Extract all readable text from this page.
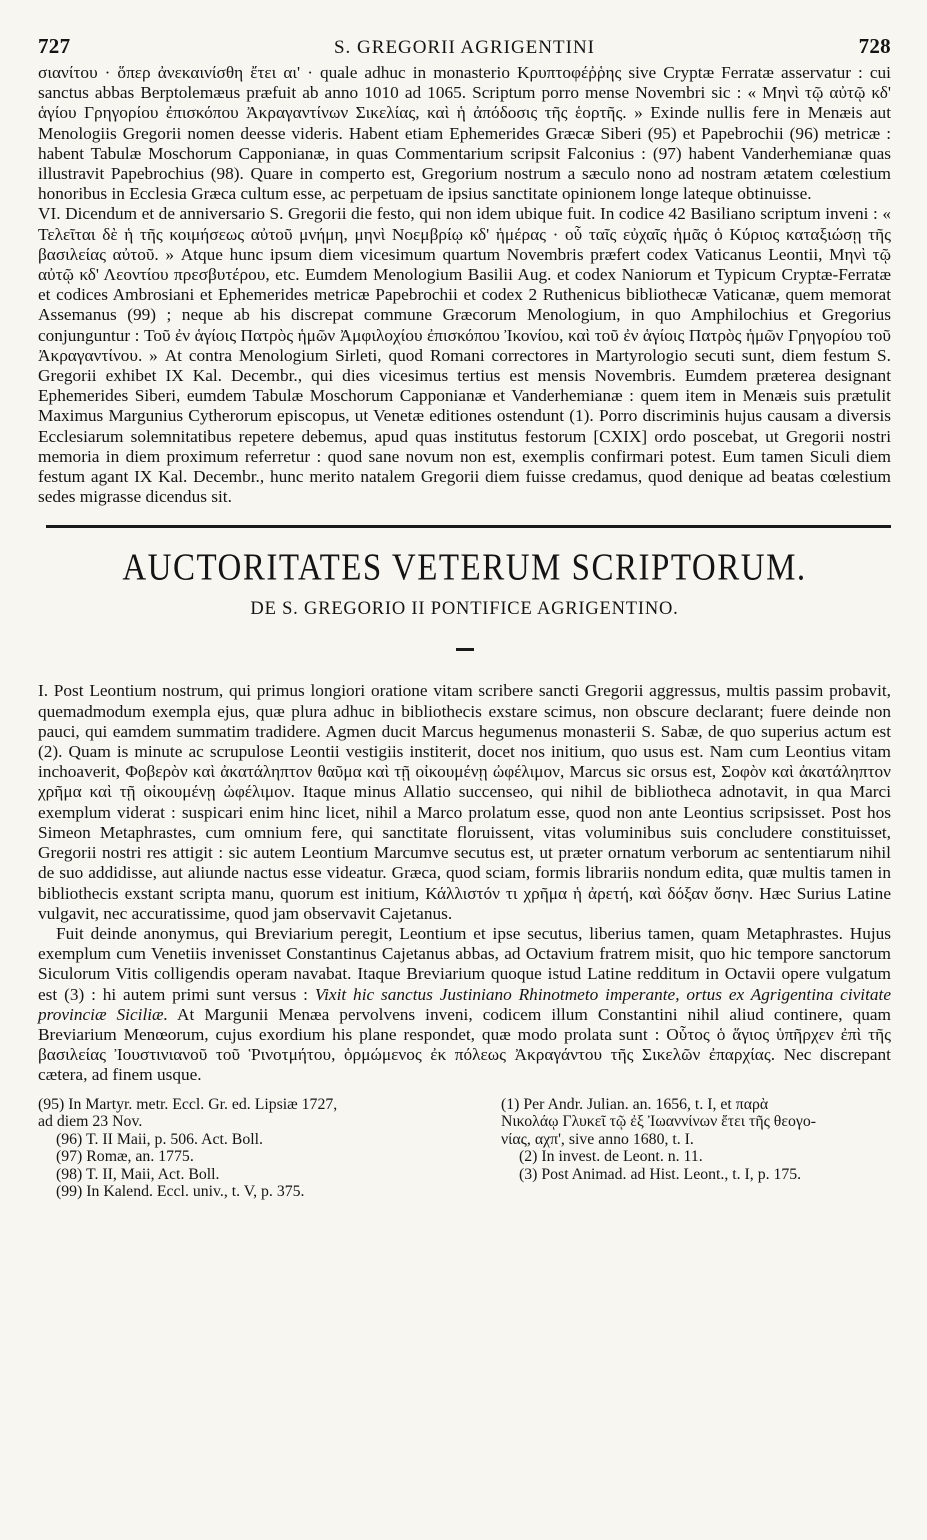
727	S. GREGORII AGRIGENTINI	728

σιανίτου · ὅπερ ἀνεκαινίσθη ἔτει αι' · quale adhuc in monasterio Κρυπτοφέῤῥης sive Cryptæ Ferratæ asservatur : cui sanctus abbas Berptolemæus præfuit ab anno 1010 ad 1065. Scriptum porro mense Novembri sic : « Μηνὶ τῷ αὐτῷ κδ' ἁγίου Γρηγορίου ἐπισκόπου Ἀκραγαντίνων Σικελίας, καὶ ἡ ἀπόδοσις τῆς ἑορτῆς. » Exinde nullis fere in Menæis aut Menologiis Gregorii nomen deesse videris. Habent etiam Ephemerides Græcæ Siberi (95) et Papebrochii (96) metricæ : habent Tabulæ Moschorum Capponianæ, in quas Commentarium scripsit Falconius : (97) habent Vanderhemianæ quas illustravit Papebrochius (98). Quare in comperto est, Gregorium nostrum a sæculo nono ad nostram ætatem cœlestium honoribus in Ecclesia Græca cultum esse, ac perpetuam de ipsius sanctitate opinionem longe lateque obtinuisse.

VI. Dicendum et de anniversario S. Gregorii die festo, qui non idem ubique fuit. In codice 42 Basiliano scriptum inveni : « Τελεῖται δὲ ἡ τῆς κοιμήσεως αὐτοῦ μνήμη, μηνὶ Νοεμβρίῳ κδ' ἡμέρας · οὗ ταῖς εὐχαῖς ἡμᾶς ὁ Κύριος καταξιώσῃ τῆς βασιλείας αὐτοῦ. » Atque hunc ipsum diem vicesimum quartum Novembris præfert codex Vaticanus Leontii, Μηνὶ τῷ αὐτῷ κδ' Λεοντίου πρεσβυτέρου, etc. Eumdem Menologium Basilii Aug. et codex Naniorum et Typicum Cryptæ-Ferratæ et codices Ambrosiani et Ephemerides metricæ Papebrochii et codex 2 Ruthenicus bibliothecæ Vaticanæ, quem memorat Assemanus (99) ; neque ab his discrepat commune Græcorum Menologium, in quo Amphilochius et Gregorius conjunguntur : Τοῦ ἐν ἁγίοις Πατρὸς ἡμῶν Ἀμφιλοχίου ἐπισκόπου Ἰκονίου, καὶ τοῦ ἐν ἁγίοις Πατρὸς ἡμῶν Γρηγορίου τοῦ Ἀκραγαντίνου. » At contra Menologium Sirleti, quod Romani correctores in Martyrologio secuti sunt, diem festum S. Gregorii exhibet IX Kal. Decembr., qui dies vicesimus tertius est mensis Novembris. Eumdem præterea designant Ephemerides Siberi, eumdem Tabulæ Moschorum Capponianæ et Vanderhemianæ : quem item in Menæis suis prætulit Maximus Margunius Cytherorum episcopus, ut Venetæ editiones ostendunt (1). Porro discriminis hujus causam a diversis Ecclesiarum solemnitatibus repetere debemus, apud quas institutus festorum [CXIX] ordo poscebat, ut Gregorii nostri memoria in diem proximum referretur : quod sane novum non est, exemplis confirmari potest. Eum tamen Siculi diem festum agant IX Kal. Decembr., hunc merito natalem Gregorii diem fuisse credamus, quod denique ad beatas cœlestium sedes migrasse dicendus sit.

AUCTORITATES VETERUM SCRIPTORUM.
DE S. GREGORIO II PONTIFICE AGRIGENTINO.

I. Post Leontium nostrum, qui primus longiori oratione vitam scribere sancti Gregorii aggressus, multis passim probavit, quemadmodum exempla ejus, quæ plura adhuc in bibliothecis exstare scimus, non obscure declarant; fuere deinde non pauci, qui eamdem summatim tradidere. Agmen ducit Marcus hegumenus monasterii S. Sabæ, de quo superius actum est (2). Quam is minute ac scrupulose Leontii vestigiis institerit, docet nos initium, quo usus est. Nam cum Leontius vitam inchoaverit, Φοβερὸν καὶ ἀκατάληπτον θαῦμα καὶ τῇ οἰκουμένῃ ὠφέλιμον, Marcus sic orsus est, Σοφὸν καὶ ἀκατάληπτον χρῆμα καὶ τῇ οἰκουμένῃ ὠφέλιμον. Itaque minus Allatio succenseo, qui nihil de bibliotheca adnotavit, in qua Marci exemplum viderat : suspicari enim hinc licet, nihil a Marco prolatum esse, quod non ante Leontius scripsisset. Post hos Simeon Metaphrastes, cum omnium fere, qui sanctitate floruissent, vitas voluminibus suis concludere constituisset, Gregorii nostri res attigit : sic autem Leontium Marcumve secutus est, ut præter ornatum verborum ac sententiarum nihil de suo addidisse, aut aliunde nactus esse videatur. Græca, quod sciam, formis librariis nondum edita, quæ multis tamen in bibliothecis exstant scripta manu, quorum est initium, Κάλλιστόν τι χρῆμα ἡ ἀρετή, καὶ δόξαν ὄσην. Hæc Surius Latine vulgavit, nec accuratissime, quod jam observavit Cajetanus.

Fuit deinde anonymus, qui Breviarium peregit, Leontium et ipse secutus, liberius tamen, quam Metaphrastes. Hujus exemplum cum Venetiis invenisset Constantinus Cajetanus abbas, ad Octavium fratrem misit, quo hic tempore sanctorum Siculorum Vitis colligendis operam navabat. Itaque Breviarium quoque istud Latine redditum in Octavii opere vulgatum est (3) : hi autem primi sunt versus : Vixit hic sanctus Justiniano Rhinotmeto imperante, ortus ex Agrigentina civitate provinciæ Siciliæ. At Margunii Menæa pervolvens inveni, codicem illum Constantini nihil aliud continere, quam Breviarium Menœorum, cujus exordium his plane respondet, quæ modo prolata sunt : Οὗτος ὁ ἅγιος ὑπῆρχεν ἐπὶ τῆς βασιλείας Ἰουστινιανοῦ τοῦ Ῥινοτμήτου, ὁρμώμενος ἐκ πόλεως Ἀκραγάντου τῆς Σικελῶν ἐπαρχίας. Nec discrepant cætera, ad finem usque.

(95) In Martyr. metr. Eccl. Gr. ed. Lipsiæ 1727,
ad diem 23 Nov.
(96) T. II Maii, p. 506. Act. Boll.
(97) Romæ, an. 1775.
(98) T. II, Maii, Act. Boll.
(99) In Kalend. Eccl. univ., t. V, p. 375.
(1) Per Andr. Julian. an. 1656, t. I, et παρὰ
Νικολάῳ Γλυκεῖ τῷ ἐξ Ἰωαννίνων ἔτει τῆς θεογο-
νίας, αχπ', sive anno 1680, t. I.
(2) In invest. de Leont. n. 11.
(3) Post Animad. ad Hist. Leont., t. I, p. 175.
